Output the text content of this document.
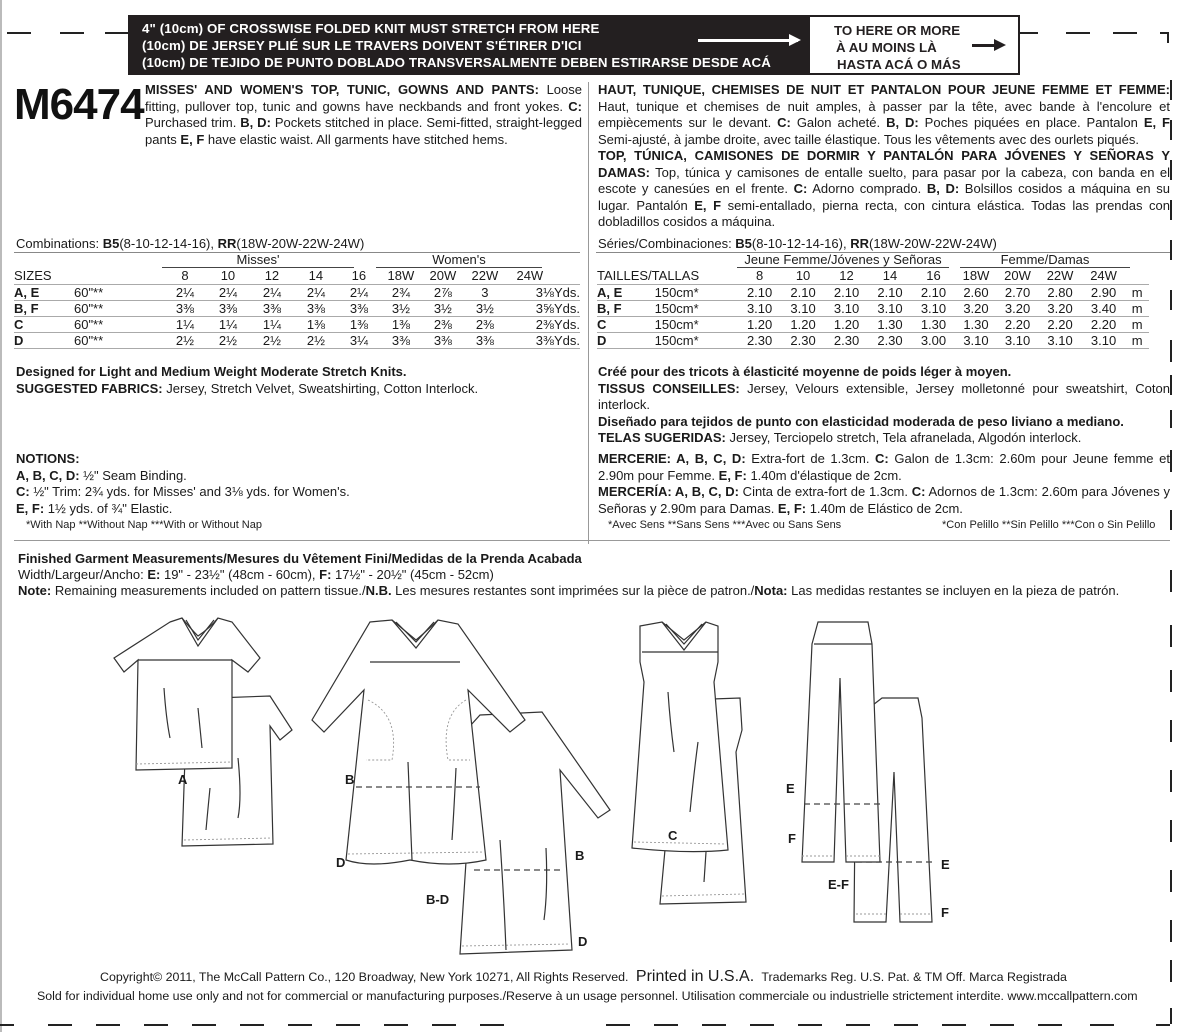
4" (10cm) OF CROSSWISE FOLDED KNIT MUST STRETCH FROM HERE
(10cm) DE JERSEY PLIÉ SUR LE TRAVERS DOIVENT S'ÉTIRER D'ICI
(10cm) DE TEJIDO DE PUNTO DOBLADO TRANSVERSALMENTE DEBEN ESTIRARSE DESDE ACÁ
TO HERE OR MORE
À AU MOINS LÀ
HASTA ACÁ O MÁS
M6474 MISSES' AND WOMEN'S TOP, TUNIC, GOWNS AND PANTS: Loose fitting, pullover top, tunic and gowns have neckbands and front yokes. C: Purchased trim. B, D: Pockets stitched in place. Semi-fitted, straight-legged pants E, F have elastic waist. All garments have stitched hems.
HAUT, TUNIQUE, CHEMISES DE NUIT ET PANTALON POUR JEUNE FEMME ET FEMME: Haut, tunique et chemises de nuit amples, à passer par la tête, avec bande à l'encolure et empiècements sur le devant. C: Galon acheté. B, D: Poches piquées en place. Pantalon E, F Semi-ajusté, à jambe droite, avec taille élastique. Tous les vêtements avec des ourlets piqués.
TOP, TÚNICA, CAMISONES DE DORMIR Y PANTALÓN PARA JÓVENES Y SEÑORAS Y DAMAS: Top, túnica y camisones de entalle suelto, para pasar por la cabeza, con banda en el escote y canesúes en el frente. C: Adorno comprado. B, D: Bolsillos cosidos a máquina en su lugar. Pantalón E, F semi-entallado, pierna recta, con cintura elástica. Todas las prendas con dobladillos cosidos a máquina.
Combinations: B5(8-10-12-14-16), RR(18W-20W-22W-24W)
Misses'	Women's
SIZES		8	10	12	14	16	18W	20W	22W	24W		
A, E	60"**	2¼	2¼	2¼	2¼	2¼	2¾	2⅞	3	3⅛	Yds.	
B, F	60"**	3⅜	3⅜	3⅜	3⅜	3⅜	3½	3½	3½	3⅝	Yds.	
C	60"**	1¼	1¼	1¼	1⅜	1⅜	1⅜	2⅜	2⅜	2⅜	Yds.	
D	60"**	2½	2½	2½	2½	3¼	3⅜	3⅜	3⅜	3⅜	Yds.	
Séries/Combinaciones: B5(8-10-12-14-16), RR(18W-20W-22W-24W)
Jeune Femme/Jóvenes y Señoras	Femme/Damas
TAILLES/TALLAS		8	10	12	14	16	18W	20W	22W	24W	
A, E	150cm*	2.10	2.10	2.10	2.10	2.10	2.60	2.70	2.80	2.90	m
B, F	150cm*	3.10	3.10	3.10	3.10	3.10	3.20	3.20	3.20	3.40	m
C	150cm*	1.20	1.20	1.20	1.30	1.30	1.30	2.20	2.20	2.20	m
D	150cm*	2.30	2.30	2.30	2.30	3.00	3.10	3.10	3.10	3.10	m

Designed for Light and Medium Weight Moderate Stretch Knits.

SUGGESTED FABRICS: Jersey, Stretch Velvet, Sweatshirting, Cotton Interlock.

NOTIONS:

A, B, C, D: ½" Seam Binding.

C: ½" Trim: 2¾ yds. for Misses' and 3⅛ yds. for Women's.

E, F: 1½ yds. of ¾" Elastic.

*With Nap **Without Nap ***With or Without Nap

Créé pour des tricots à élasticité moyenne de poids léger à moyen.

TISSUS CONSEILLES: Jersey, Velours extensible, Jersey molletonné pour sweatshirt, Coton interlock.

Diseñado para tejidos de punto con elasticidad moderada de peso liviano a mediano.

TELAS SUGERIDAS: Jersey, Terciopelo stretch, Tela afranelada, Algodón interlock.

MERCERIE: A, B, C, D: Extra-fort de 1.3cm. C: Galon de 1.3cm: 2.60m pour Jeune femme et 2.90m pour Femme. E, F: 1.40m d'élastique de 2cm.

MERCERÍA: A, B, C, D: Cinta de extra-fort de 1.3cm. C: Adornos de 1.3cm: 2.60m para Jóvenes y Señoras y 2.90m para Damas. E, F: 1.40m de Elástico de 2cm.

*Avec Sens **Sans Sens ***Avec ou Sans Sens	*Con Pelillo **Sin Pelillo ***Con o Sin Pelillo
Finished Garment Measurements/Mesures du Vêtement Fini/Medidas de la Prenda Acabada
Width/Largeur/Ancho: E: 19" - 23½" (48cm - 60cm), F: 17½" - 20½" (45cm - 52cm)
Note: Remaining measurements included on pattern tissue./N.B. Les mesures restantes sont imprimées sur la pièce de patron./Nota: Las medidas restantes se incluyen en la pieza de patrón.
A	B
D
B-D
B
D
C
E
F
E-F
E
F
Copyright© 2011, The McCall Pattern Co., 120 Broadway, New York 10271, All Rights Reserved. Printed in U.S.A. Trademarks Reg. U.S. Pat. & TM Off. Marca Registrada
Sold for individual home use only and not for commercial or manufacturing purposes./Reserve à un usage personnel. Utilisation commerciale ou industrielle strictement interdite. www.mccallpattern.com
